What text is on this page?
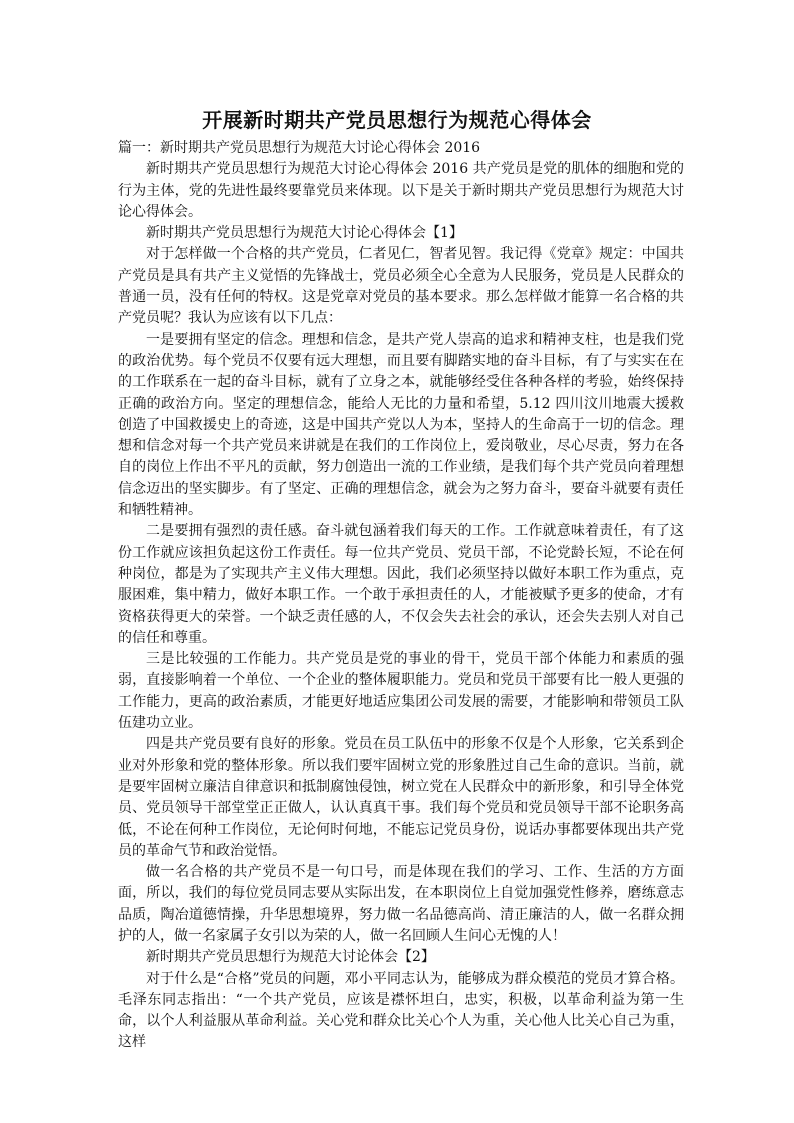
开展新时期共产党员思想行为规范心得体会

篇一：新时期共产党员思想行为规范大讨论心得体会 2016

新时期共产党员思想行为规范大讨论心得体会 2016 共产党员是党的肌体的细胞和党的行为主体，党的先进性最终要靠党员来体现。以下是关于新时期共产党员思想行为规范大讨论心得体会。

新时期共产党员思想行为规范大讨论心得体会【1】

对于怎样做一个合格的共产党员，仁者见仁，智者见智。我记得《党章》规定：中国共产党员是具有共产主义觉悟的先锋战士，党员必须全心全意为人民服务，党员是人民群众的普通一员，没有任何的特权。这是党章对党员的基本要求。那么怎样做才能算一名合格的共产党员呢？我认为应该有以下几点：

一是要拥有坚定的信念。理想和信念，是共产党人崇高的追求和精神支柱，也是我们党的政治优势。每个党员不仅要有远大理想，而且要有脚踏实地的奋斗目标，有了与实实在在的工作联系在一起的奋斗目标，就有了立身之本，就能够经受住各种各样的考验，始终保持正确的政治方向。坚定的理想信念，能给人无比的力量和希望，5.12 四川汶川地震大援救创造了中国救援史上的奇迹，这是中国共产党以人为本，坚持人的生命高于一切的信念。理想和信念对每一个共产党员来讲就是在我们的工作岗位上，爱岗敬业，尽心尽责，努力在各自的岗位上作出不平凡的贡献，努力创造出一流的工作业绩，是我们每个共产党员向着理想信念迈出的坚实脚步。有了坚定、正确的理想信念，就会为之努力奋斗，要奋斗就要有责任和牺牲精神。

二是要拥有强烈的责任感。奋斗就包涵着我们每天的工作。工作就意味着责任，有了这份工作就应该担负起这份工作责任。每一位共产党员、党员干部，不论党龄长短，不论在何种岗位，都是为了实现共产主义伟大理想。因此，我们必须坚持以做好本职工作为重点，克服困难，集中精力，做好本职工作。一个敢于承担责任的人，才能被赋予更多的使命，才有资格获得更大的荣誉。一个缺乏责任感的人，不仅会失去社会的承认，还会失去别人对自己的信任和尊重。

三是比较强的工作能力。共产党员是党的事业的骨干，党员干部个体能力和素质的强弱，直接影响着一个单位、一个企业的整体履职能力。党员和党员干部要有比一般人更强的工作能力，更高的政治素质，才能更好地适应集团公司发展的需要，才能影响和带领员工队伍建功立业。

四是共产党员要有良好的形象。党员在员工队伍中的形象不仅是个人形象，它关系到企业对外形象和党的整体形象。所以我们要牢固树立党的形象胜过自己生命的意识。当前，就是要牢固树立廉洁自律意识和抵制腐蚀侵蚀，树立党在人民群众中的新形象，和引导全体党员、党员领导干部堂堂正正做人，认认真真干事。我们每个党员和党员领导干部不论职务高低，不论在何种工作岗位，无论何时何地，不能忘记党员身份，说话办事都要体现出共产党员的革命气节和政治觉悟。

做一名合格的共产党员不是一句口号，而是体现在我们的学习、工作、生活的方方面面，所以，我们的每位党员同志要从实际出发，在本职岗位上自觉加强党性修养，磨练意志品质，陶冶道德情操，升华思想境界，努力做一名品德高尚、清正廉洁的人，做一名群众拥护的人，做一名家属子女引以为荣的人，做一名回顾人生问心无愧的人！

新时期共产党员思想行为规范大讨论体会【2】

对于什么是“合格”党员的问题，邓小平同志认为，能够成为群众模范的党员才算合格。毛泽东同志指出：“一个共产党员，应该是襟怀坦白，忠实，积极，以革命利益为第一生命，以个人利益服从革命利益。关心党和群众比关心个人为重，关心他人比关心自己为重，这样
